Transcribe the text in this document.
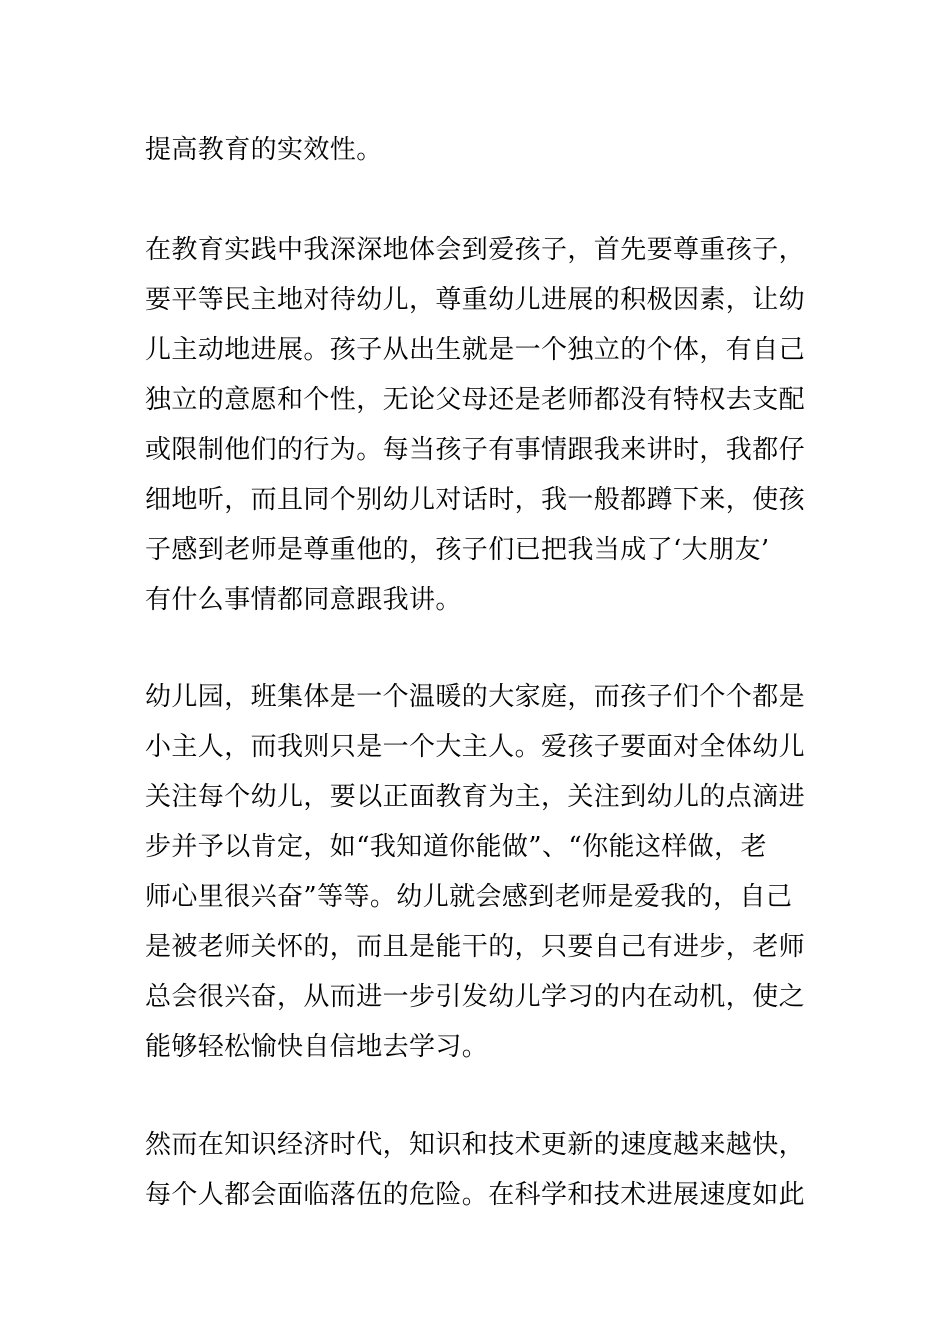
提高教育的实效性。

在教育实践中我深深地体会到爱孩子，首先要尊重孩子，
要平等民主地对待幼儿，尊重幼儿进展的积极因素，让幼
儿主动地进展。孩子从出生就是一个独立的个体，有自己
独立的意愿和个性，无论父母还是老师都没有特权去支配
或限制他们的行为。每当孩子有事情跟我来讲时，我都仔
细地听，而且同个别幼儿对话时，我一般都蹲下来，使孩
子感到老师是尊重他的，孩子们已把我当成了‘大朋友’
有什么事情都同意跟我讲。

幼儿园，班集体是一个温暖的大家庭，而孩子们个个都是
小主人，而我则只是一个大主人。爱孩子要面对全体幼儿
关注每个幼儿，要以正面教育为主，关注到幼儿的点滴进
步并予以肯定，如“我知道你能做”、“你能这样做，老
师心里很兴奋”等等。幼儿就会感到老师是爱我的，自己
是被老师关怀的，而且是能干的，只要自己有进步，老师
总会很兴奋，从而进一步引发幼儿学习的内在动机，使之
能够轻松愉快自信地去学习。

然而在知识经济时代，知识和技术更新的速度越来越快，
每个人都会面临落伍的危险。在科学和技术进展速度如此
